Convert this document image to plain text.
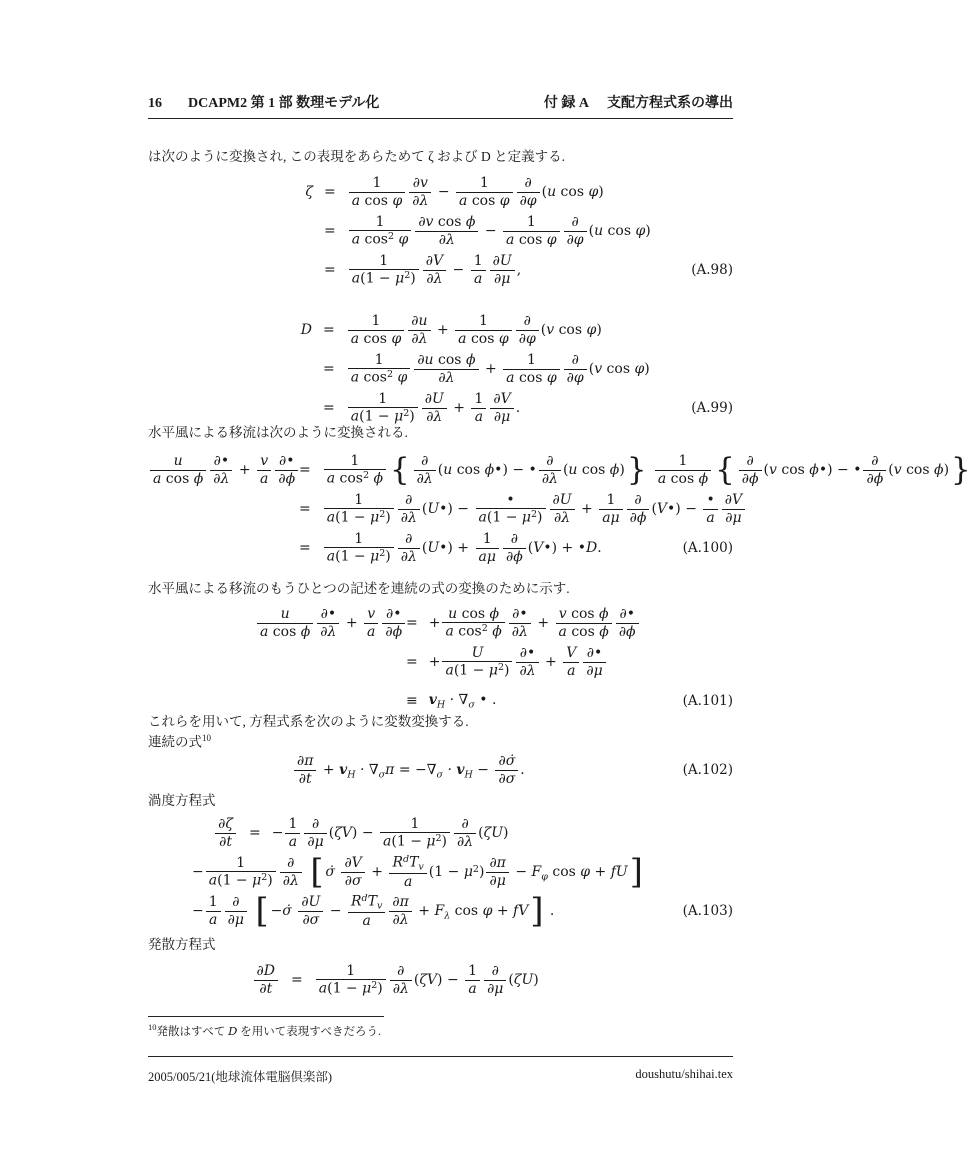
16 DCAPM2 第 1 部 数理モデル化	付 録 A 支配方程式系の導出

は次のように変換され, この表現をあらためて ζ および D と定義する.

$\zeta = \frac{1}{\text{a cos φ}} \frac{\partial v}{\partial\lambda} - \frac{1}{\text{a cos φ}}$ ∂
∂φ
(u cos φ)
= $\frac{1}{a \cos^2 \varphi} \frac{\text{∂v cos ϕ}}{\partial\lambda} - \frac{1}{\text{a cos φ}}$ ∂
∂φ
(u cos φ)
= $\frac{1}{a(1 - \mu^2)} \frac{\partial V}{\partial\lambda} - \frac{1}{a} \frac{\partial U}{\partial\mu}$ ,	(A.98)
$D = \frac{1}{\text{a cos φ}} \frac{\partial u}{\partial\lambda} + \frac{1}{\text{a cos φ}}$ ∂
∂φ
(v cos φ)
= $\frac{1}{a \cos^2 \varphi} \frac{\text{∂u cos ϕ}}{\partial\lambda} + \frac{1}{\text{a cos φ}}$ ∂
∂φ
(v cos φ)
= $\frac{1}{a(1 - \mu^2)} \frac{\partial U}{\partial\lambda} + \frac{1}{a} \frac{\partial V}{\partial\mu}$ .	(A.99)

水平風による移流は次のように変換される.

$\frac{u}{\text{a cos ϕ}}$ ∂•
∂λ
+ $\frac{v}{a}$ ∂•
∂ϕ
= $\frac{1}{a \cos^2 \phi}$ { ∂
∂λ
(u cos ϕ•) − •
∂
∂λ
(u $\cos \phi)\} \frac{1}{\text{a cos ϕ}}$ { ∂
∂ϕ
(v cos ϕ•) − •
∂
∂ϕ
(v cos ϕ)}
= $\frac{1}{a(1 - \mu^2)}$ ∂
∂λ
(U•) −
•
$a(1 - \mu^2) \frac{\partial U}{\partial\lambda} + \frac{1}{a\mu}$ ∂
∂ϕ
(V•) −
•
a $\frac{\partial V}{\partial\mu}$
= $\frac{1}{a(1 - \mu^2)}$ ∂
∂λ
(U•) + $\frac{1}{a\mu}$ ∂
∂ϕ
(V•) + •D.	(A.100)

水平風による移流のもうひとつの記述を連続の式の変換のために示す.

$\frac{u}{\text{a cos ϕ}}$ ∂•
∂λ
+ $\frac{v}{a}$ ∂•
∂ϕ
= + $\frac{\text{u cos ϕ}}{a \cos^2 \phi}$ ∂•
∂λ
+ $\frac{\text{v cos ϕ}}{\text{a cos ϕ}}$ ∂•
∂ϕ
= + $\frac{U}{a(1 - \mu^2)}$ ∂•
∂λ
+ $\frac{V}{a}$ ∂•
∂μ
≡ $v_H \cdot \nabla_\sigma$ • .	(A.101)

これらを用いて, 方程式系を次のように変数変換する.

連続の式$^{10}$

$\frac{\partial\pi}{\partial t} + v_H \cdot \nabla_\sigma\pi = -\nabla_\sigma \cdot v_H - \frac{\partial\sigmȧ}{\partial\sigma}$ .	(A.102)

渦度方程式

$\frac{\partial\zeta}{\partial t}$ = − $\frac{1}{a}$ ∂
∂μ
$(\zeta V) - \frac{1}{a(1 - \mu^2)}$ ∂
∂λ
(ζU)
− $\frac{1}{a(1 - \mu^2)}$ ∂
∂λ [ σ̇ $\frac{\partial V}{\partial\sigma}$ +
$R^dT_v$
a
$(1 - \mu^2) \frac{\partial\pi}{\partial\mu} - F_\varphi$ cos φ + fU]
− $\frac{1}{a}$ ∂
∂μ [ −σ̇ $\frac{\partial U}{\partial\sigma}$ −
$R^dT_v$
a	$\frac{\partial\pi}{\partial\lambda} + F_\lambda$ cos φ + fV] .	(A.103)

発散方程式

$\frac{\partial D}{\partial t} = \frac{1}{a(1 - \mu^2)}$ ∂
∂λ
$(\zeta V) - \frac{1}{a}$ ∂
∂μ
(ζU)
$^{10}$発散はすべて D を用いて表現すべきだろう.
2005/005/21(地球流体電脳倶楽部)	doushutu/shihai.tex
